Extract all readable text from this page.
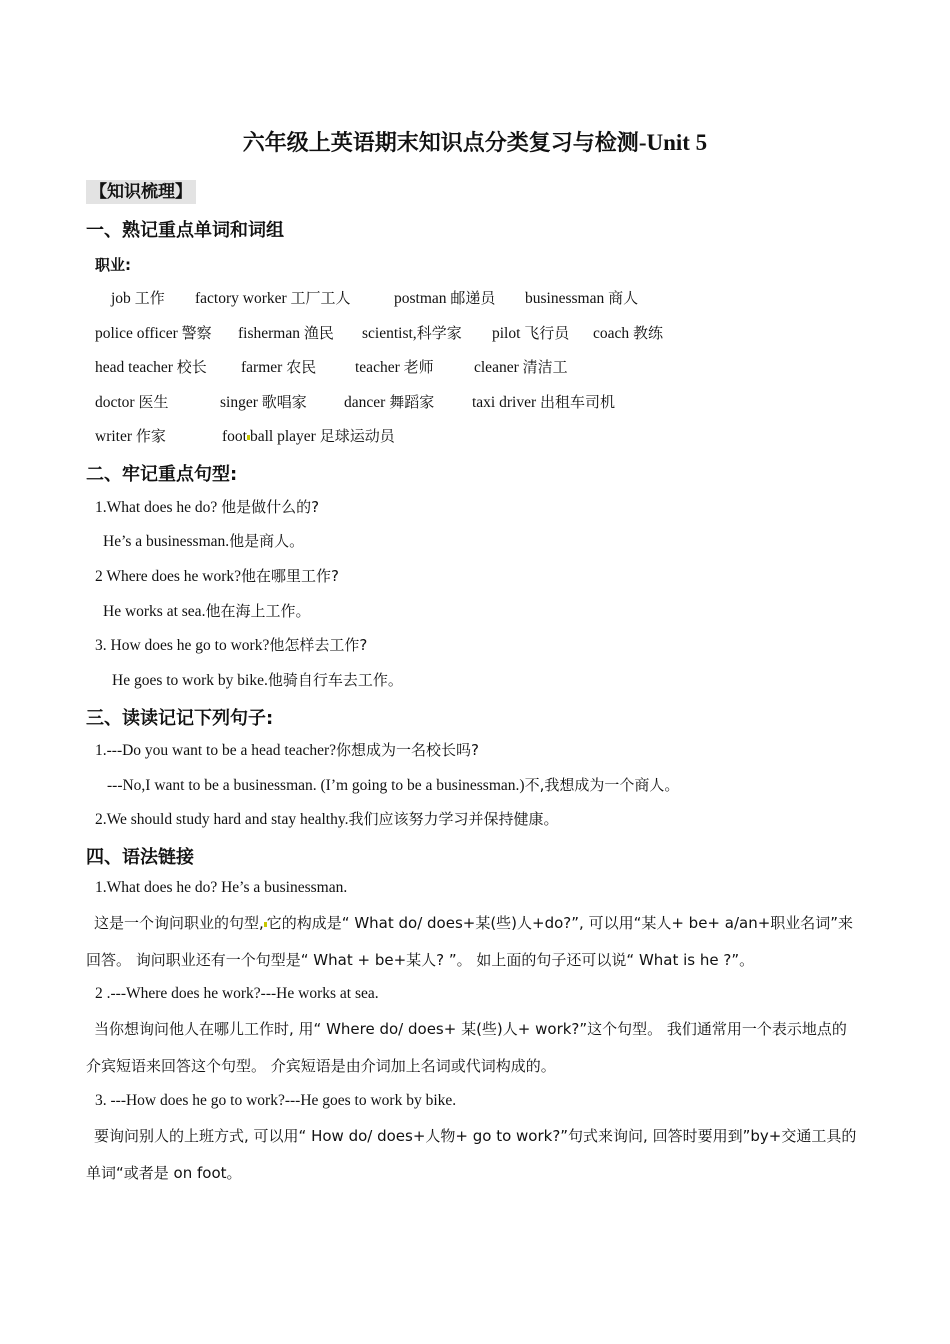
六年级上英语期末知识点分类复习与检测-Unit 5
【知识梳理】
一、熟记重点单词和词组
职业:
job 工作 factory worker 工厂工人	postman 邮递员 businessman 商人
police officer 警察 fisherman 渔民 scientist,科学家 pilot 飞行员 coach 教练
head teacher 校长 farmer 农民	teacher 老师	cleaner 清洁工
doctor 医生	singer 歌唱家 dancer 舞蹈家 taxi driver 出租车司机
writer 作家	foot ball player 足球运动员
二、牢记重点句型:
1.What does he do? 他是做什么的?
He’s a businessman.他是商人。
2 Where does he work?他在哪里工作?
He works at sea.他在海上工作。
3. How does he go to work?他怎样去工作?
He goes to work by bike.他骑自行车去工作。
三、读读记记下列句子:
1.---Do you want to be a head teacher?你想成为一名校长吗?
---No,I want to be a businessman. (I’m going to be a businessman.)不,我想成为一个商人。
2.We should study hard and stay healthy.我们应该努力学习并保持健康。
四、语法链接
1.What does he do? He’s a businessman.
这是一个询问职业的句型, 它的构成是“ What do/ does+某(些)人+do?”, 可以用“某人+ be+ a/an+职业名词”来回答。 询问职业还有一个句型是“ What + be+某人? ”。 如上面的句子还可以说“ What is he ?”。
2 .---Where does he work?---He works at sea.
当你想询问他人在哪儿工作时, 用“ Where do/ does+ 某(些)人+ work?”这个句型。 我们通常用一个表示地点的介宾短语来回答这个句型。 介宾短语是由介词加上名词或代词构成的。
3. ---How does he go to work?---He goes to work by bike.
要询问别人的上班方式, 可以用“ How do/ does+人物+ go to work?”句式来询问, 回答时要用到”by+交通工具的单词“或者是 on foot。
